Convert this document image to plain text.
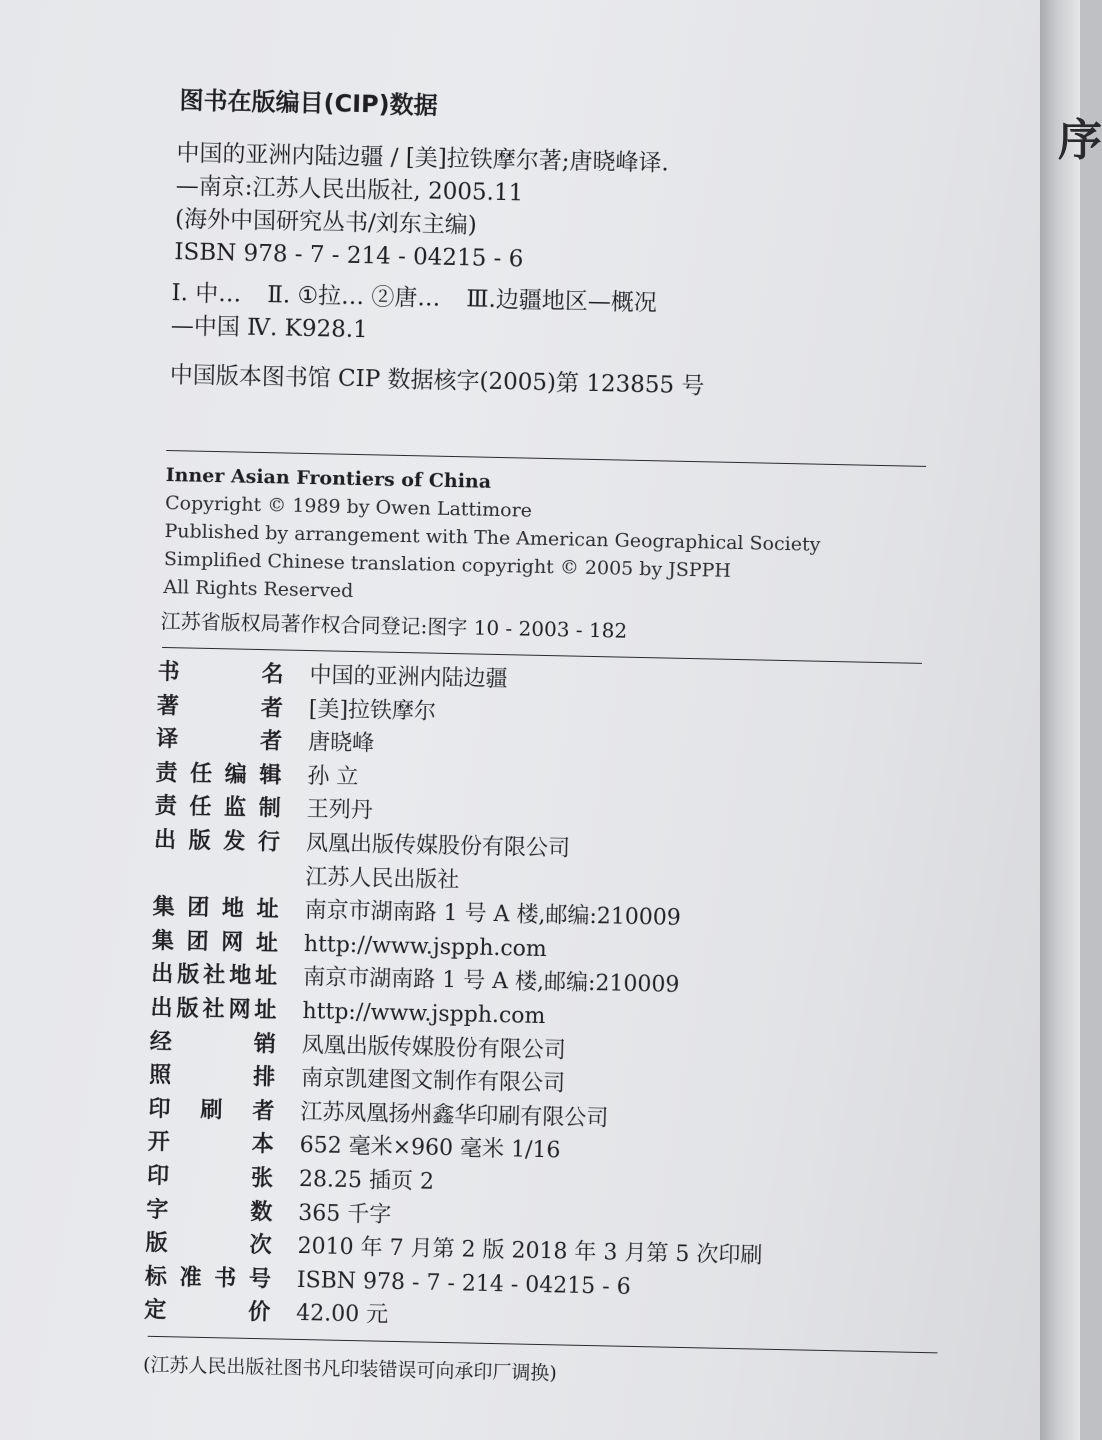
图书在版编目(CIP)数据
中国的亚洲内陆边疆 / [美]拉铁摩尔著;唐晓峰译.
—南京:江苏人民出版社, 2005.11
(海外中国研究丛书/刘东主编)
ISBN 978 - 7 - 214 - 04215 - 6
Ⅰ. 中… Ⅱ. ①拉… ②唐… Ⅲ.边疆地区—概况
—中国 Ⅳ. K928.1
中国版本图书馆 CIP 数据核字(2005)第 123855 号
Inner Asian Frontiers of China
Copyright © 1989 by Owen Lattimore
Published by arrangement with The American Geographical Society
Simplified Chinese translation copyright © 2005 by JSPPH
All Rights Reserved
江苏省版权局著作权合同登记:图字 10 - 2003 - 182
书	名 中国的亚洲内陆边疆
著	者 [美]拉铁摩尔
译	者 唐晓峰
责 任 编 辑 孙 立
责 任 监 制 王列丹
出 版 发 行 凤凰出版传媒股份有限公司
江苏人民出版社
集 团 地 址 南京市湖南路 1 号 A 楼,邮编:210009
集 团 网 址 http://www.jspph.com
出 版 社 地 址 南京市湖南路 1 号 A 楼,邮编:210009
出 版 社 网 址 http://www.jspph.com
经	销 凤凰出版传媒股份有限公司
照	排 南京凯建图文制作有限公司
印 刷 者 江苏凤凰扬州鑫华印刷有限公司
开	本 652 毫米×960 毫米 1/16
印	张 28.25 插页 2
字	数 365 千字
版	次 2010 年 7 月第 2 版 2018 年 3 月第 5 次印刷
标 准 书 号 ISBN 978 - 7 - 214 - 04215 - 6
定	价 42.00 元
(江苏人民出版社图书凡印装错误可向承印厂调换)
序
